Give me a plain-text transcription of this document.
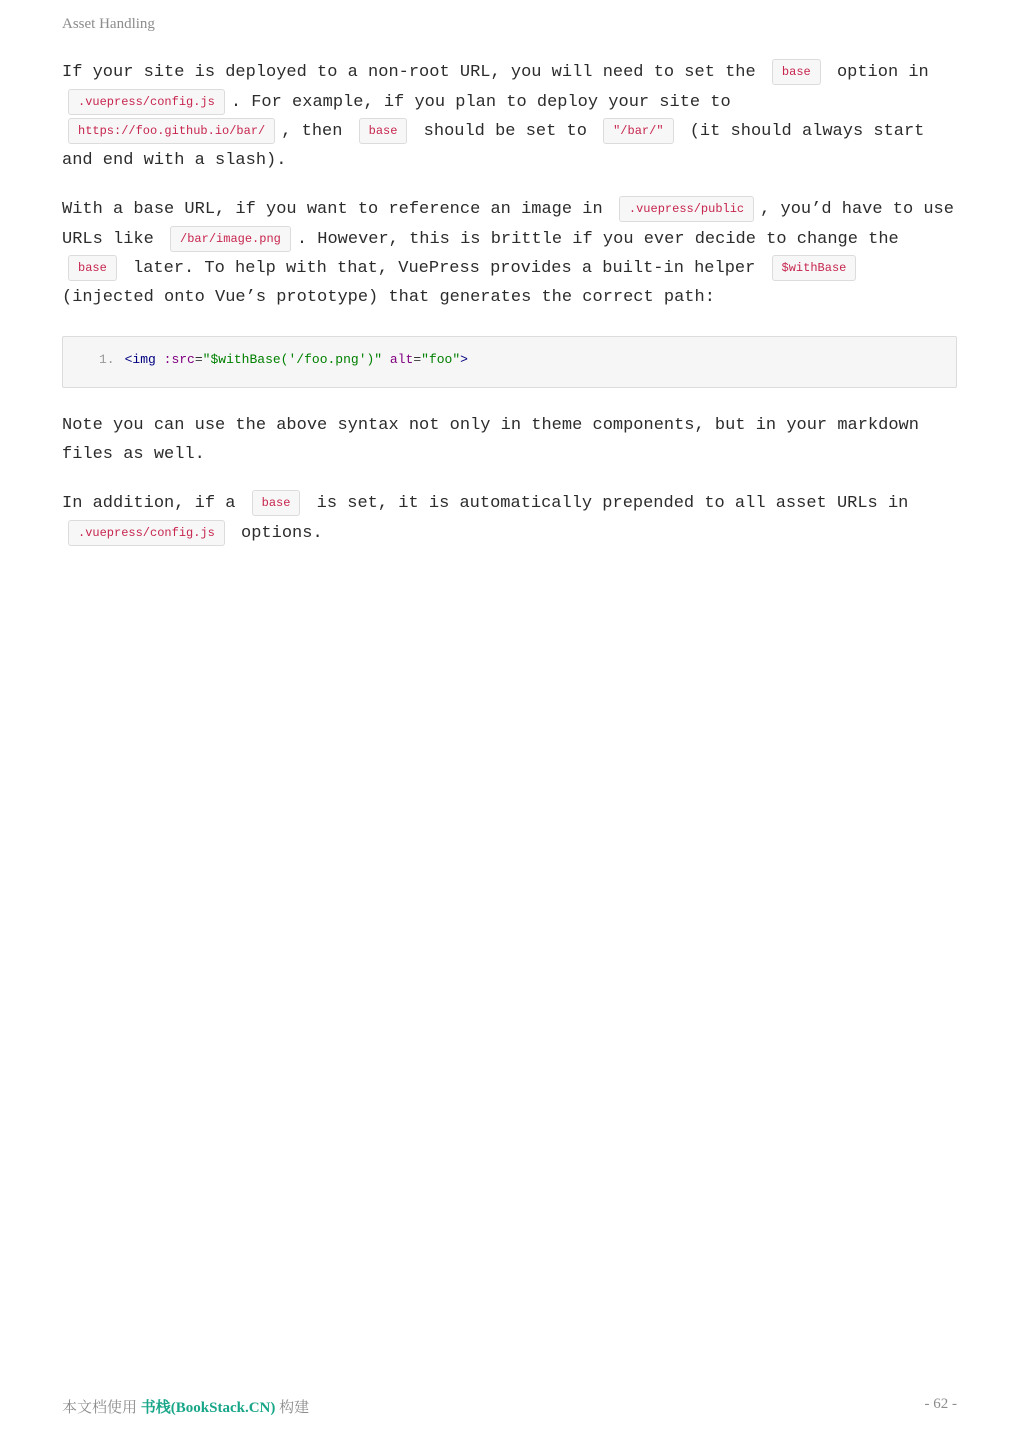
Asset Handling

If your site is deployed to a non-root URL, you will need to set the base option in .vuepress/config.js . For example, if you plan to deploy your site to https://foo.github.io/bar/ , then base should be set to "/bar/" (it should always start and end with a slash).

With a base URL, if you want to reference an image in .vuepress/public , you’d have to use URLs like /bar/image.png . However, this is brittle if you ever decide to change the base later. To help with that, VuePress provides a built-in helper $withBase (injected onto Vue’s prototype) that generates the correct path:

1. <img :src="$withBase('/foo.png')" alt="foo">

Note you can use the above syntax not only in theme components, but in your markdown files as well.

In addition, if a base is set, it is automatically prepended to all asset URLs in .vuepress/config.js options.

本文档使用 书栈(BookStack.CN) 构建	- 62 -
